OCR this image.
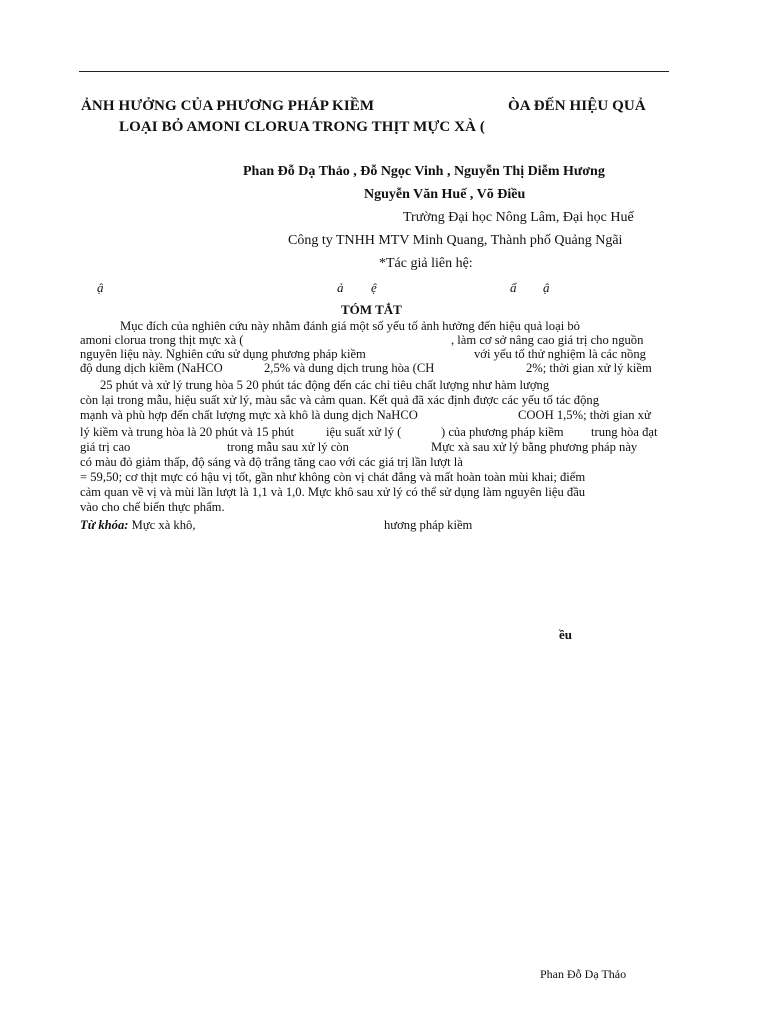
ẢNH HƯỞNG CỦA PHƯƠNG PHÁP KIỀM	ÒA ĐẾN HIỆU QUẢ
LOẠI BỎ AMONI CLORUA TRONG THỊT MỰC XÀ (
Phan Đỗ Dạ Thảo , Đỗ Ngọc Vinh , Nguyễn Thị Diễm Hương
Nguyễn Văn Huế , Võ Điều
Trường Đại học Nông Lâm, Đại học Huế
Công ty TNHH MTV Minh Quang, Thành phố Quảng Ngãi
*Tác giả liên hệ:
ậ	ả ệ	ẩ ậ
TÓM TẮT
Mục đích của nghiên cứu này nhằm đánh giá một số yếu tố ảnh hưởng đến hiệu quả loại bỏ
amoni clorua trong thịt mực xà (	, làm cơ sở nâng cao giá trị cho nguồn
nguyên liệu này. Nghiên cứu sử dụng phương pháp kiềm	với yếu tố thử nghiệm là các nồng
độ dung dịch kiềm (NaHCO	2,5% và dung dịch trung hòa (CH	2%; thời gian xử lý kiềm
25 phút và xử lý trung hòa 5 20 phút tác động đến các chỉ tiêu chất lượng như hàm lượng
còn lại trong mẫu, hiệu suất xử lý, màu sắc và cảm quan. Kết quả đã xác định được các yếu tố tác động
mạnh và phù hợp đến chất lượng mực xà khô là dung dịch NaHCO	COOH 1,5%; thời gian xử
lý kiềm và trung hòa là 20 phút và 15 phút	iệu suất xử lý (	) của phương pháp kiềm trung hòa đạt
giá trị cao	trong mẫu sau xử lý còn	Mực xà sau xử lý bằng phương pháp này
có màu đỏ giảm thấp, độ sáng và độ trắng tăng cao với các giá trị lần lượt là
= 59,50; cơ thịt mực có hậu vị tốt, gần như không còn vị chát đắng và mất hoàn toàn mùi khai; điểm
cảm quan về vị và mùi lần lượt là 1,1 và 1,0. Mực khô sau xử lý có thể sử dụng làm nguyên liệu đầu
vào cho chế biến thực phẩm.
Từ khóa: Mực xà khô,	hương pháp kiềm
ều
Phan Đỗ Dạ Thảo
